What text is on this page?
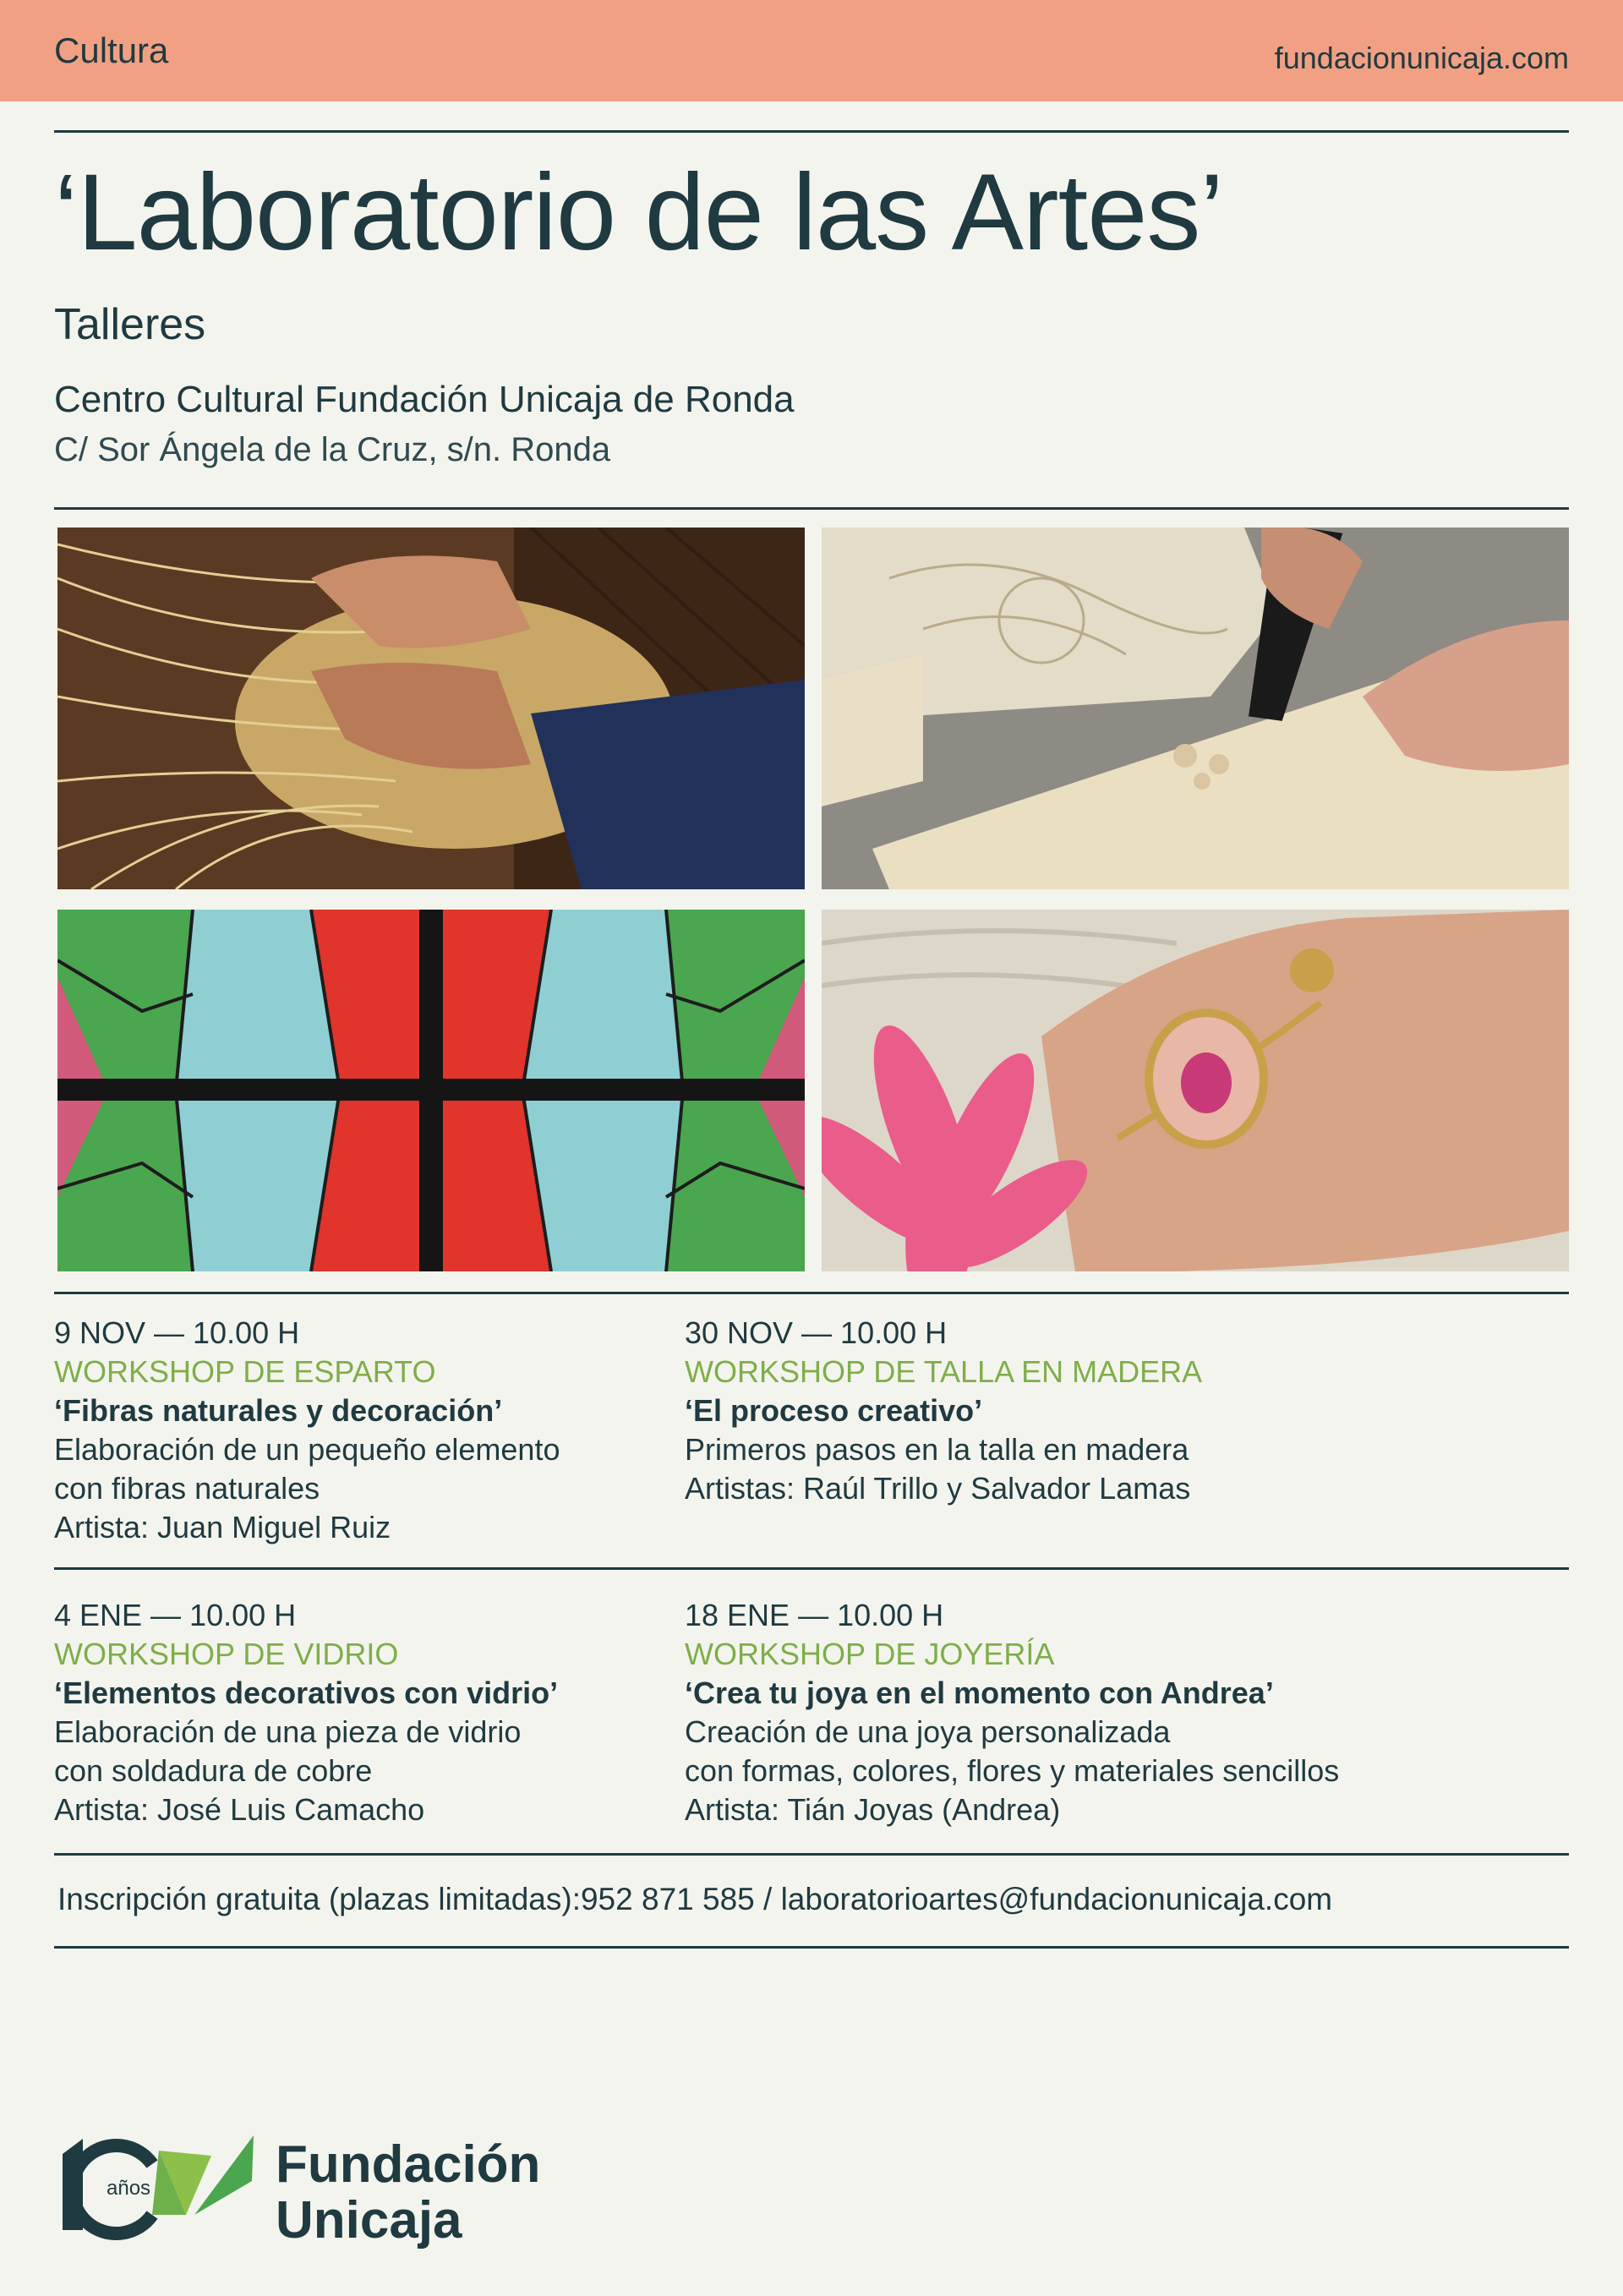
Cultura	fundacionunicaja.com
‘Laboratorio de las Artes’
Talleres
Centro Cultural Fundación Unicaja de Ronda
C/ Sor Ángela de la Cruz, s/n. Ronda
9 NOV — 10.00 H
WORKSHOP DE ESPARTO
‘Fibras naturales y decoración’
Elaboración de un pequeño elemento
con fibras naturales
Artista: Juan Miguel Ruiz
30 NOV — 10.00 H
WORKSHOP DE TALLA EN MADERA
‘El proceso creativo’
Primeros pasos en la talla en madera
Artistas: Raúl Trillo y Salvador Lamas
4 ENE — 10.00 H
WORKSHOP DE VIDRIO
‘Elementos decorativos con vidrio’
Elaboración de una pieza de vidrio
con soldadura de cobre
Artista: José Luis Camacho
18 ENE — 10.00 H
WORKSHOP DE JOYERÍA
‘Crea tu joya en el momento con Andrea’
Creación de una joya personalizada
con formas, colores, flores y materiales sencillos
Artista: Tián Joyas (Andrea)
Inscripción gratuita (plazas limitadas):952 871 585 / laboratorioartes@fundacionunicaja.com
años Fundación
Unicaja
